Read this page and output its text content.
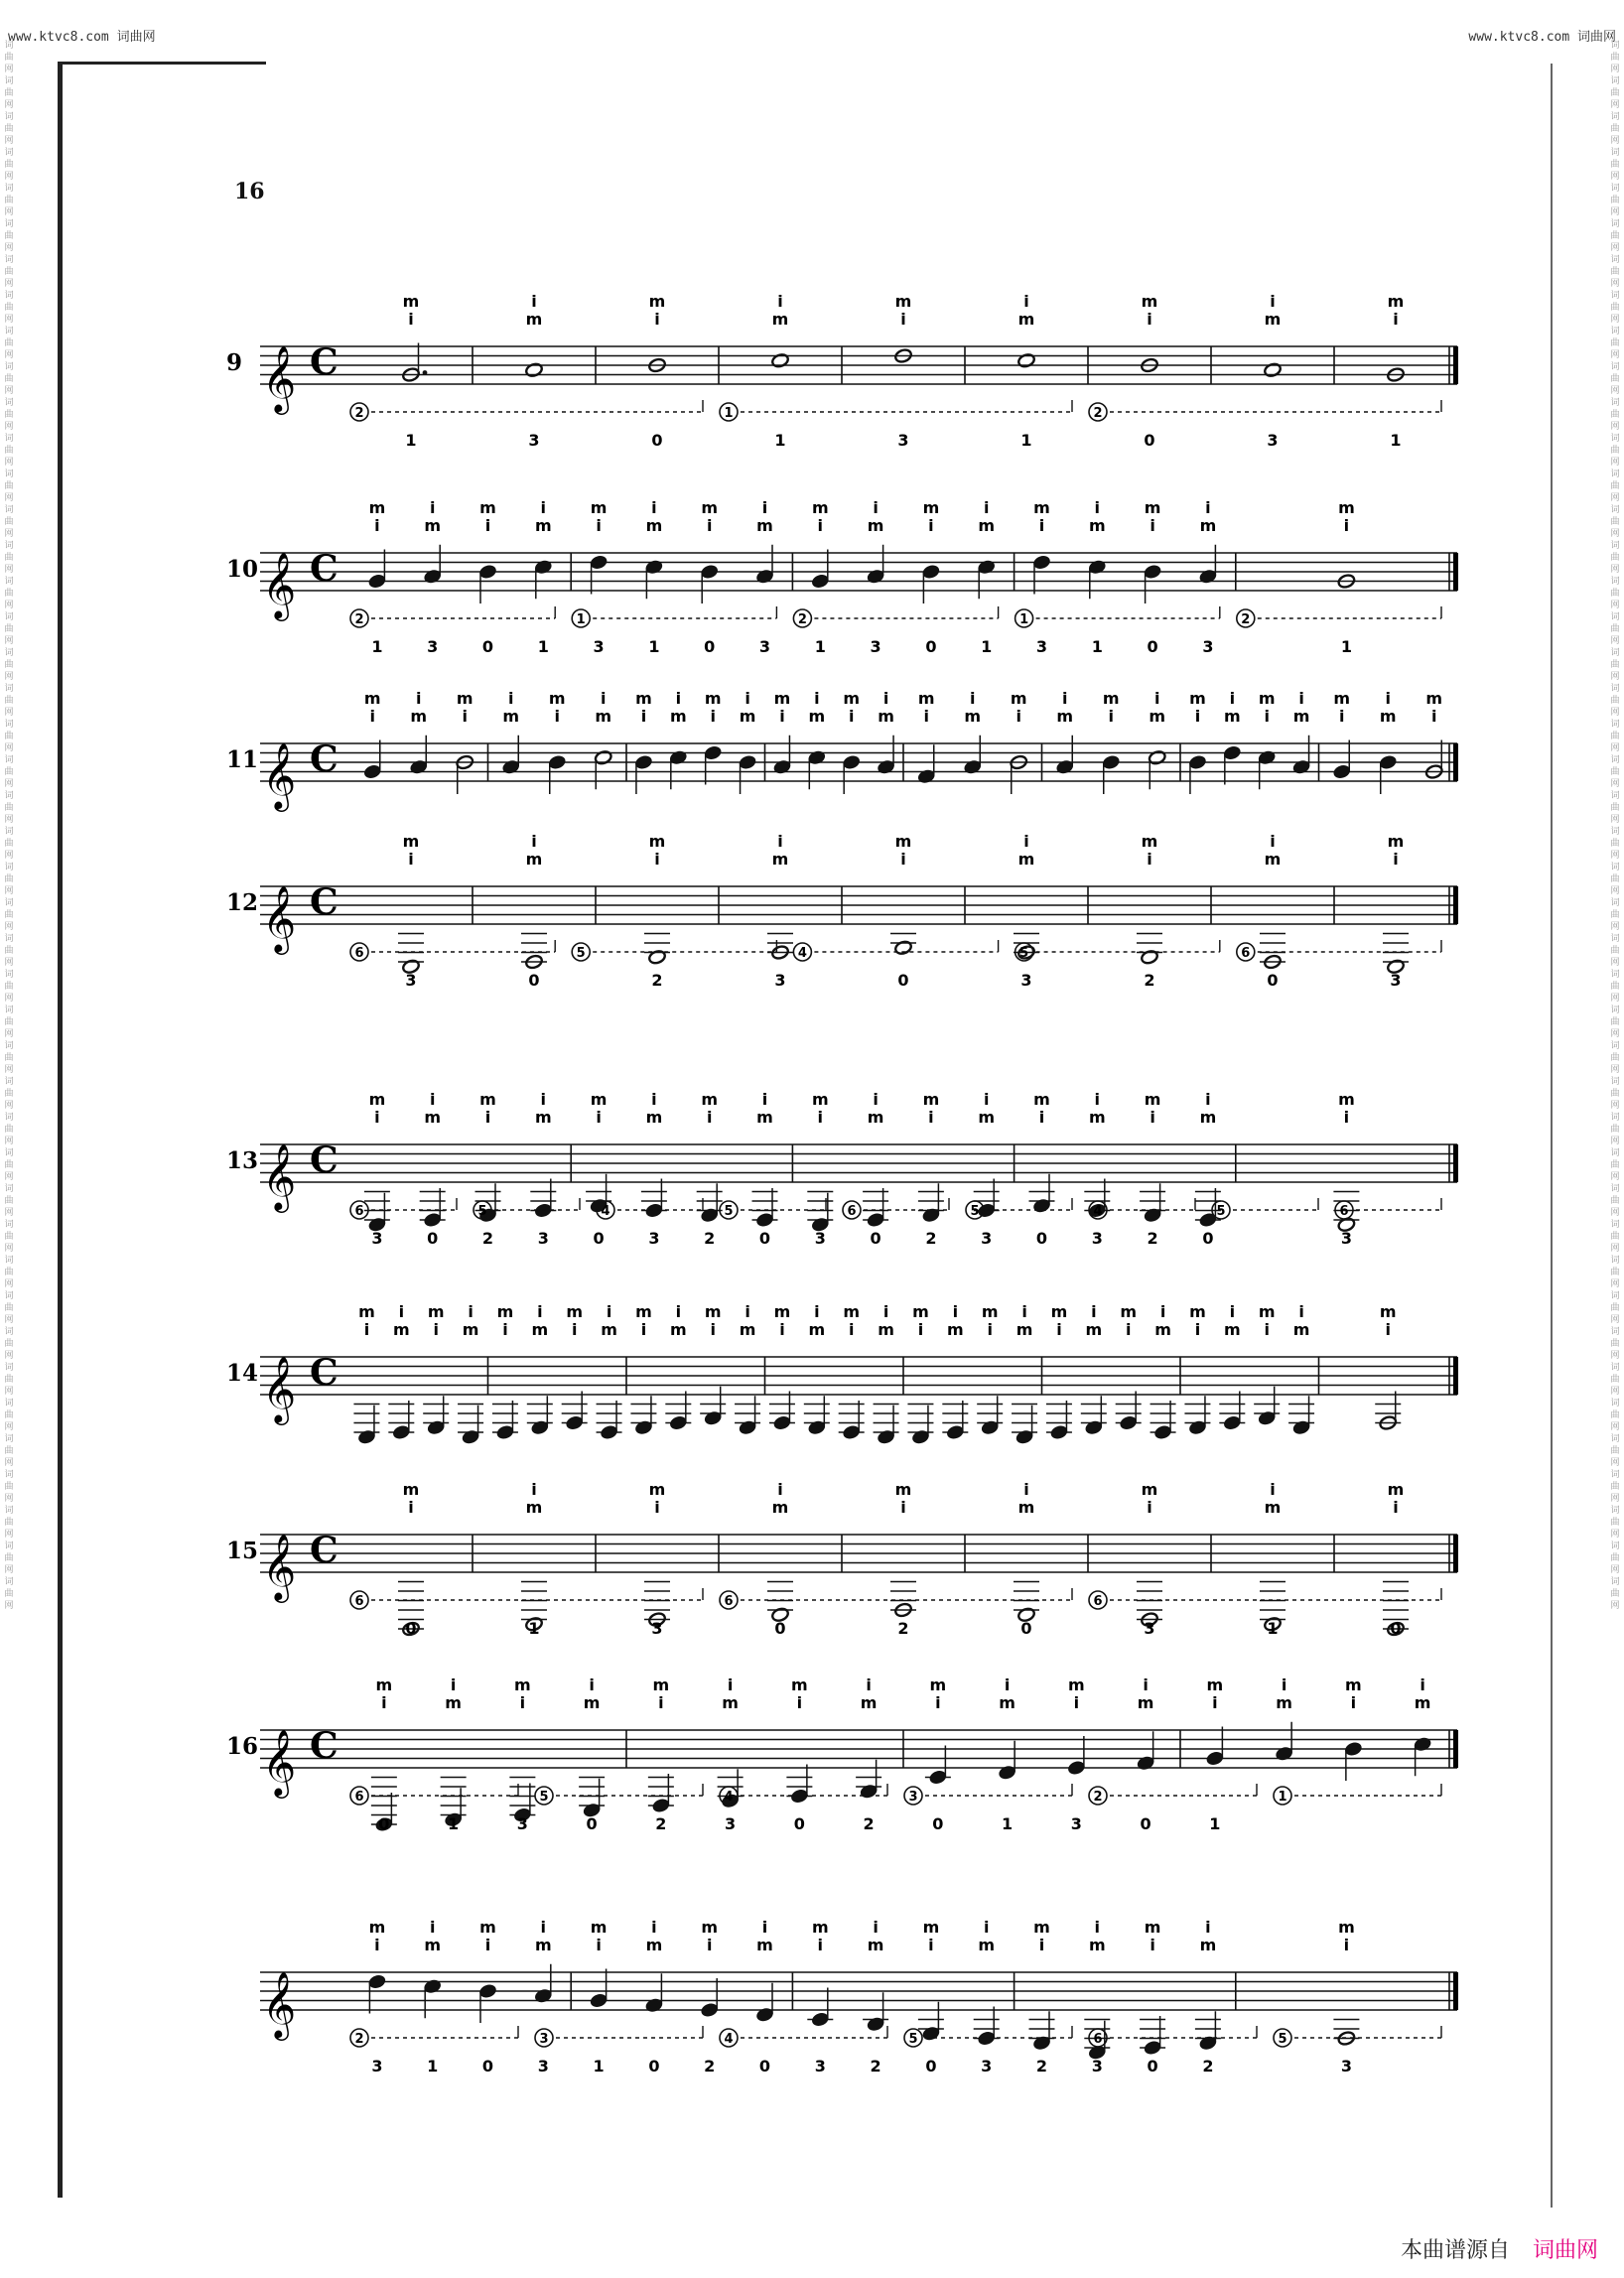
www.ktvc8.com 词曲网	www.ktvc8.com 词曲网
词曲网词曲网词曲网词曲网词曲网词曲网词曲网词曲网词曲网词曲网词曲网词曲网词曲网词曲网词曲网词曲网词曲网词曲网词曲网词曲网词曲网词曲网词曲网词曲网词曲网词曲网词曲网词曲网词曲网词曲网词曲网词曲网词曲网词曲网词曲网词曲网词曲网词曲网词曲网词曲网词曲网词曲网词曲网词曲网
词曲网词曲网词曲网词曲网词曲网词曲网词曲网词曲网词曲网词曲网词曲网词曲网词曲网词曲网词曲网词曲网词曲网词曲网词曲网词曲网词曲网词曲网词曲网词曲网词曲网词曲网词曲网词曲网词曲网词曲网词曲网词曲网词曲网词曲网词曲网词曲网词曲网词曲网词曲网词曲网词曲网词曲网词曲网词曲网
16
9 𝄞 C
m
i
i
m
m
i
i
m
m
i
i
m
m
i
i
m
m
i
2	1	2
1	3	0	1	3	1	0	3	1
10 𝄞 C
m
i
i
m
m
i
i
m
m
i
i
m
m
i
i
m
m
i
i
m
m
i
i
m
m
i
i
m
m
i
i
m
m
i
2	1	2	1	2
1	3	0	1	3	1	0	3	1	3	0	1	3	1	0	3	1
11 𝄞 C
m
i
i
m
m
i
i
m
m
i
i
m
m
i
i
m
m
i
i
m
m
i
i
m
m
i
i
m
m
i
i
m
m
i
i
m
m
i
i
m
m
i
i
m
m
i
i
m
m
i
i
m
m
i
12 𝄞 C
m
i
i
m
m
i
i
m
m
i
i
m
m
i
i
m
m
i
6	5	4	5	6
3	0	2	3	0	3	2	0	3
13 𝄞 C
m
i
i
m
m
i
i
m
m
i
i
m
m
i
i
m
m
i
i
m
m
i
i
m
m
i
i
m
m
i
i
m
m
i
6	5	4	5	6	5	4	5	6
3	0	2	3	0	3	2	0	3	0	2	3	0	3	2	0	3
14 𝄞 C
m
i
i
m
m
i
i
m
m
i
i
m
m
i
i
m
m
i
i
m
m
i
i
m
m
i
i
m
m
i
i
m
m
i
i
m
m
i
i
m
m
i
i
m
m
i
i
m
m
i
i
m
m
i
i
m
m
i
15 𝄞 C
m
i
i
m
m
i
i
m
m
i
i
m
m
i
i
m
m
i
6	6	6
0	1	3	0	2	0	3	1	0
16 𝄞 C
m
i
i
m
m
i
i
m
m
i
i
m
m
i
i
m
m
i
i
m
m
i
i
m
m
i
i
m
m
i
i
m
6	5	4	3	2	1
0	1	3	0	2	3	0	2	0	1	3	0	1
𝄞
m
i
i
m
m
i
i
m
m
i
i
m
m
i
i
m
m
i
i
m
m
i
i
m
m
i
i
m
m
i
i
m
m
i
2	3	4	5	6	5
3	1	0	3	1	0	2	0	3	2	0	3	2	3	0	2	3
本曲谱源自 词曲网
